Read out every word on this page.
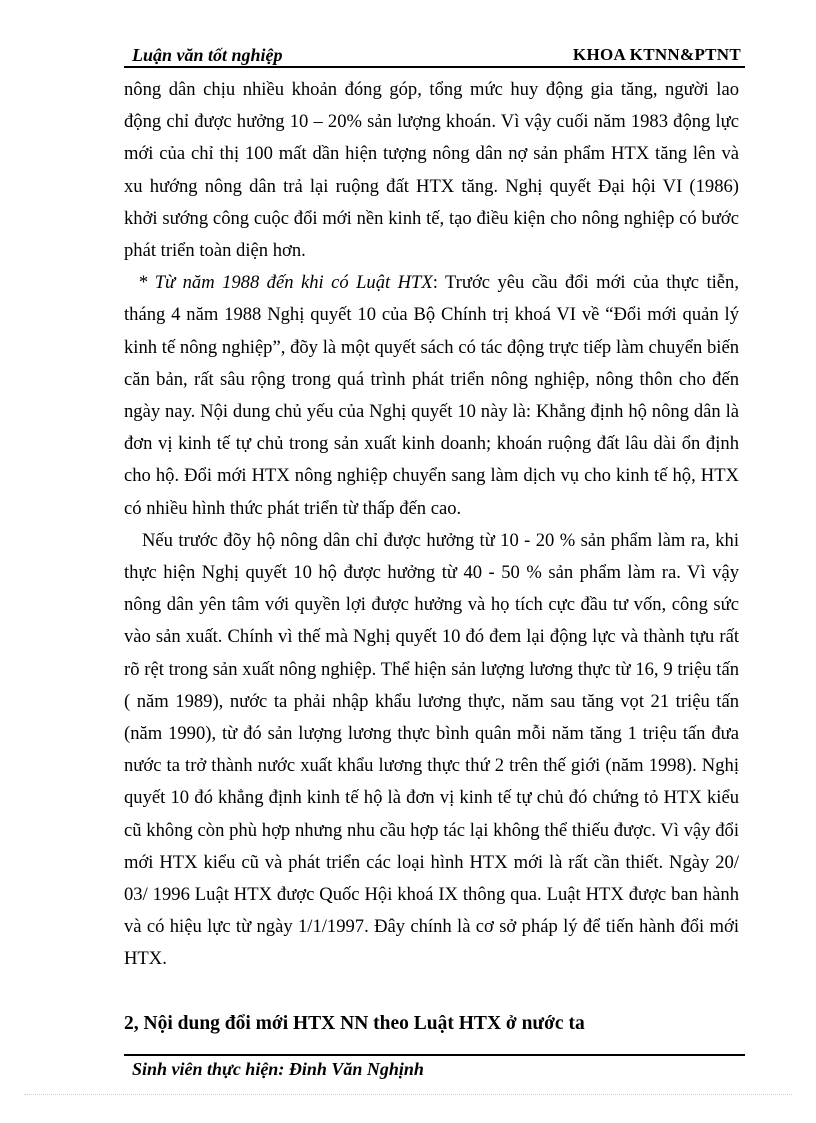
Luận văn tốt nghiệp	KHOA KTNN&PTNT

nông dân chịu nhiều khoản đóng góp, tổng mức huy động gia tăng, người lao động chỉ được hưởng 10 – 20% sản lượng khoán. Vì vậy cuối năm 1983 động lực mới của chỉ thị 100 mất dần hiện tượng nông dân nợ sản phẩm HTX tăng lên và xu hướng nông dân trả lại ruộng đất HTX tăng. Nghị quyết Đại hội VI (1986) khởi sướng công cuộc đổi mới nền kinh tế, tạo điều kiện cho nông nghiệp có bước phát triển toàn diện hơn.

* Từ năm 1988 đến khi có Luật HTX: Trước yêu cầu đổi mới của thực tiễn, tháng 4 năm 1988 Nghị quyết 10 của Bộ Chính trị khoá VI về “Đổi mới quản lý kinh tế nông nghiệp”, đõy là một quyết sách có tác động trực tiếp làm chuyển biến căn bản, rất sâu rộng trong quá trình phát triển nông nghiệp, nông thôn cho đến ngày nay. Nội dung chủ yếu của Nghị quyết 10 này là: Khẳng định hộ nông dân là đơn vị kinh tế tự chủ trong sản xuất kinh doanh; khoán ruộng đất lâu dài ổn định cho hộ. Đổi mới HTX nông nghiệp chuyển sang làm dịch vụ cho kinh tế hộ, HTX có nhiều hình thức phát triển từ thấp đến cao.

Nếu trước đõy hộ nông dân chỉ được hưởng từ 10 - 20 % sản phẩm làm ra, khi thực hiện Nghị quyết 10 hộ được hưởng từ 40 - 50 % sản phẩm làm ra. Vì vậy nông dân yên tâm với quyền lợi được hưởng và họ tích cực đầu tư vốn, công sức vào sản xuất. Chính vì thế mà Nghị quyết 10 đó đem lại động lực và thành tựu rất rõ rệt trong sản xuất nông nghiệp. Thể hiện sản lượng lương thực từ 16, 9 triệu tấn ( năm 1989), nước ta phải nhập khẩu lương thực, năm sau tăng vọt 21 triệu tấn (năm 1990), từ đó sản lượng lương thực bình quân mỗi năm tăng 1 triệu tấn đưa nước ta trở thành nước xuất khẩu lương thực thứ 2 trên thế giới (năm 1998). Nghị quyết 10 đó khẳng định kinh tế hộ là đơn vị kinh tế tự chủ đó chứng tỏ HTX kiểu cũ không còn phù hợp nhưng nhu cầu hợp tác lại không thể thiếu được. Vì vậy đổi mới HTX kiểu cũ và phát triển các loại hình HTX mới là rất cần thiết. Ngày 20/ 03/ 1996 Luật HTX được Quốc Hội khoá IX thông qua. Luật HTX được ban hành và có hiệu lực từ ngày 1/1/1997. Đây chính là cơ sở pháp lý để tiến hành đổi mới HTX.

2, Nội dung đổi mới HTX NN theo Luật HTX ở nước ta
Sinh viên thực hiện: Đinh Văn Nghịnh
